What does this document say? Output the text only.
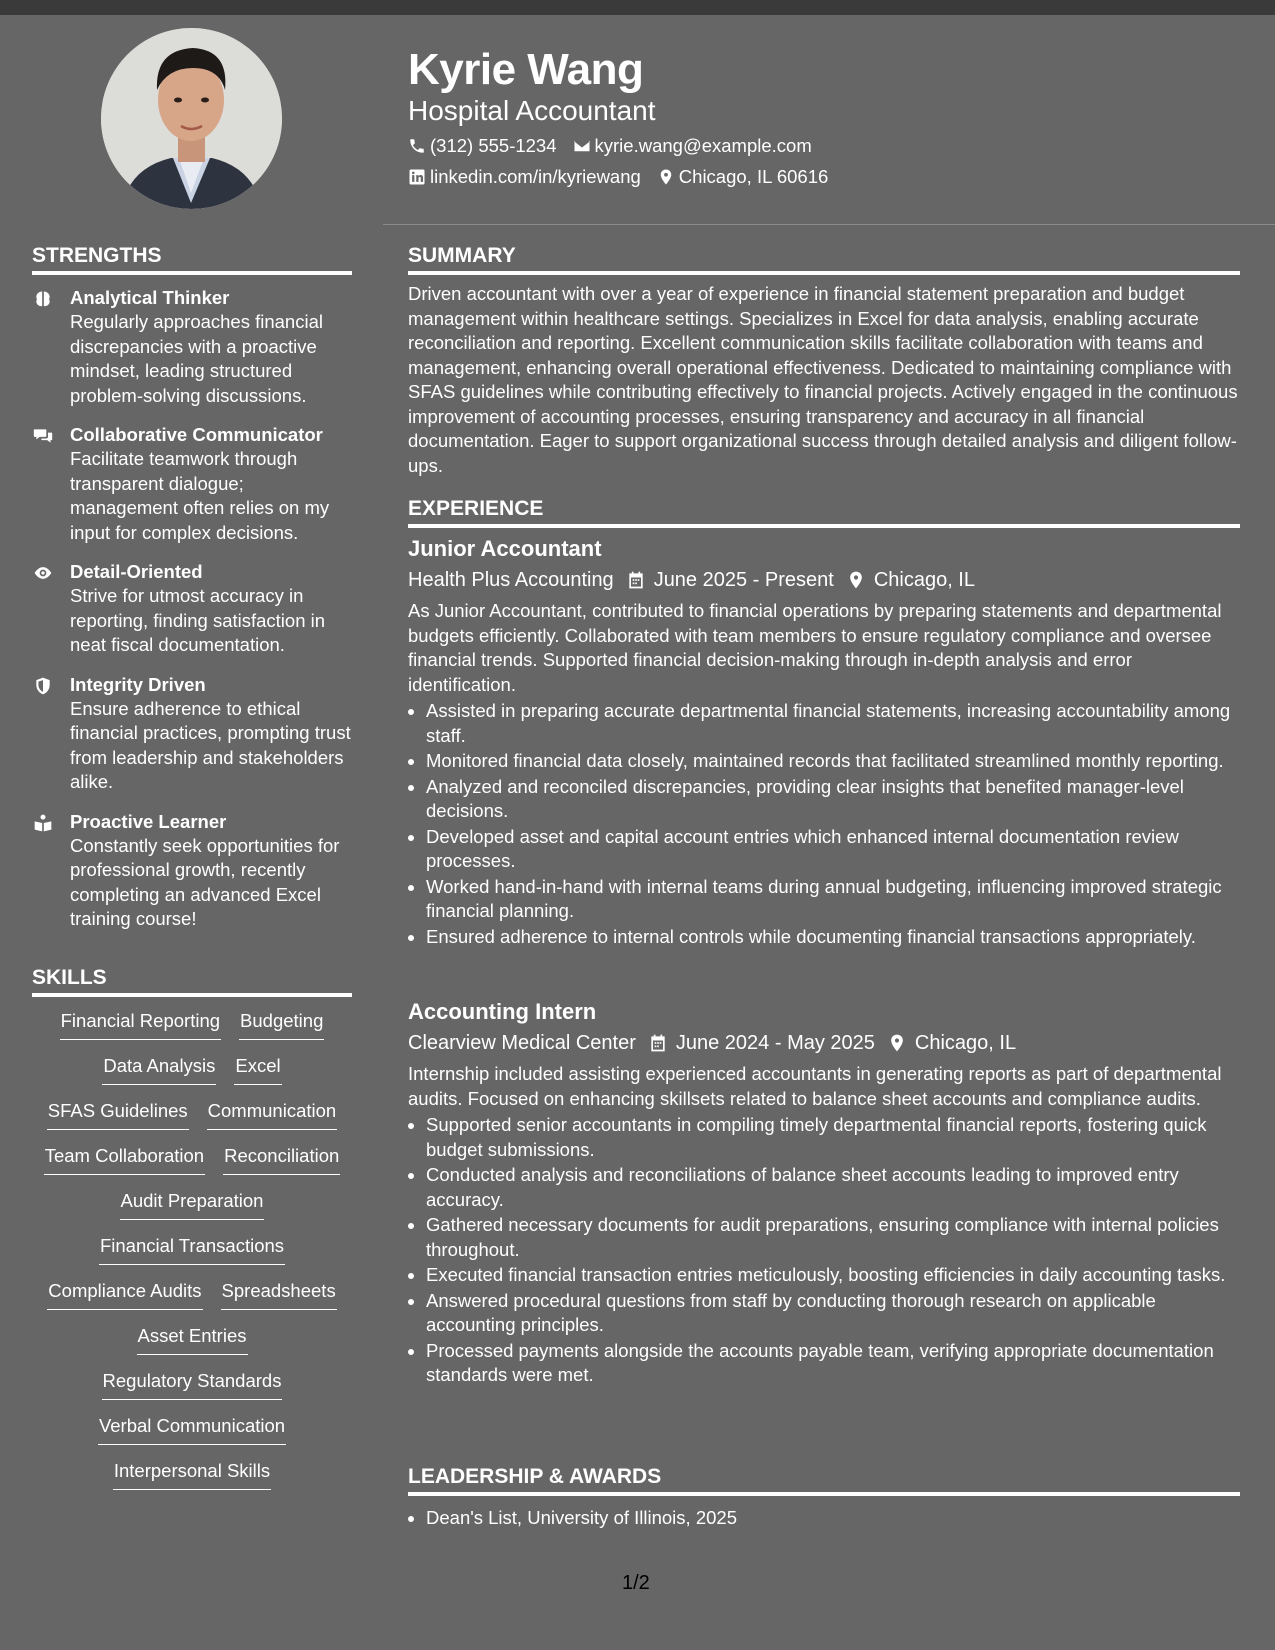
Kyrie Wang
Hospital Accountant
(312) 555-1234 kyrie.wang@example.com
linkedin.com/in/kyriewang Chicago, IL 60616
STRENGTHS
Analytical Thinker
Regularly approaches financial discrepancies with a proactive mindset, leading structured problem-solving discussions.
Collaborative Communicator
Facilitate teamwork through transparent dialogue; management often relies on my input for complex decisions.
Detail-Oriented
Strive for utmost accuracy in reporting, finding satisfaction in neat fiscal documentation.
Integrity Driven
Ensure adherence to ethical financial practices, prompting trust from leadership and stakeholders alike.
Proactive Learner
Constantly seek opportunities for professional growth, recently completing an advanced Excel training course!
SKILLS
Financial Reporting Budgeting
Data Analysis Excel
SFAS Guidelines Communication
Team Collaboration Reconciliation
Audit Preparation
Financial Transactions
Compliance Audits Spreadsheets
Asset Entries
Regulatory Standards
Verbal Communication
Interpersonal Skills
SUMMARY
Driven accountant with over a year of experience in financial statement preparation and budget management within healthcare settings. Specializes in Excel for data analysis, enabling accurate reconciliation and reporting. Excellent communication skills facilitate collaboration with teams and management, enhancing overall operational effectiveness. Dedicated to maintaining compliance with SFAS guidelines while contributing effectively to financial projects. Actively engaged in the continuous improvement of accounting processes, ensuring transparency and accuracy in all financial documentation. Eager to support organizational success through detailed analysis and diligent follow-ups.
EXPERIENCE
Junior Accountant
Health Plus Accounting June 2025 - Present Chicago, IL
As Junior Accountant, contributed to financial operations by preparing statements and departmental budgets efficiently. Collaborated with team members to ensure regulatory compliance and oversee financial trends. Supported financial decision-making through in-depth analysis and error identification.
Assisted in preparing accurate departmental financial statements, increasing accountability among staff.
Monitored financial data closely, maintained records that facilitated streamlined monthly reporting.
Analyzed and reconciled discrepancies, providing clear insights that benefited manager-level decisions.
Developed asset and capital account entries which enhanced internal documentation review processes.
Worked hand-in-hand with internal teams during annual budgeting, influencing improved strategic financial planning.
Ensured adherence to internal controls while documenting financial transactions appropriately.
Accounting Intern
Clearview Medical Center June 2024 - May 2025 Chicago, IL
Internship included assisting experienced accountants in generating reports as part of departmental audits. Focused on enhancing skillsets related to balance sheet accounts and compliance audits.
Supported senior accountants in compiling timely departmental financial reports, fostering quick budget submissions.
Conducted analysis and reconciliations of balance sheet accounts leading to improved entry accuracy.
Gathered necessary documents for audit preparations, ensuring compliance with internal policies throughout.
Executed financial transaction entries meticulously, boosting efficiencies in daily accounting tasks.
Answered procedural questions from staff by conducting thorough research on applicable accounting principles.
Processed payments alongside the accounts payable team, verifying appropriate documentation standards were met.
LEADERSHIP & AWARDS
Dean's List, University of Illinois, 2025
1/2
